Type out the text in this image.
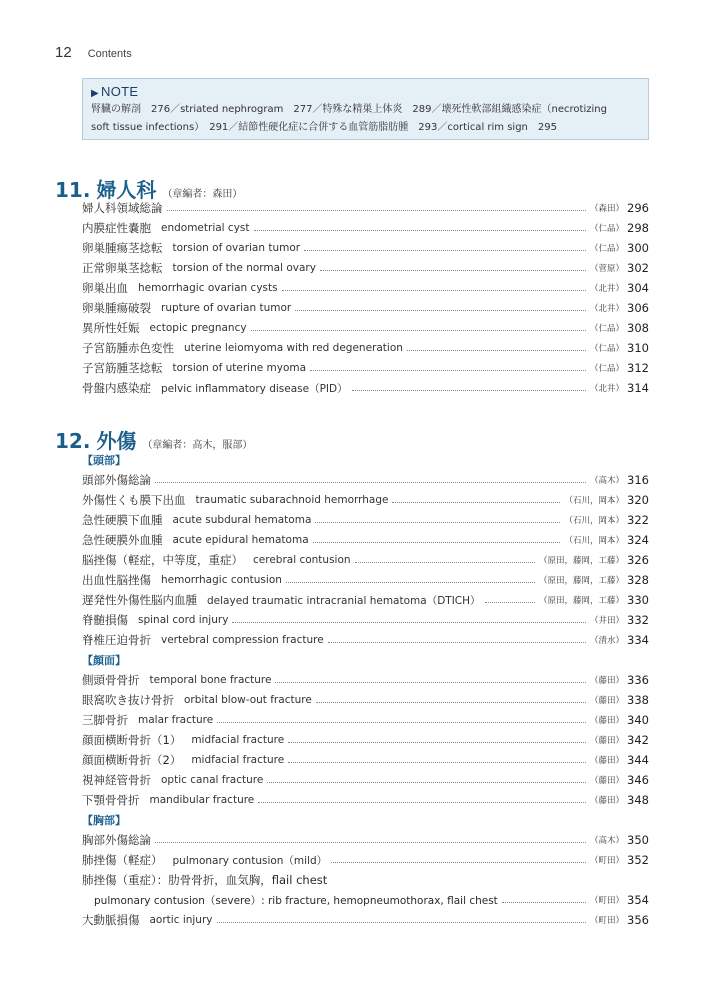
12 Contents
▶ NOTE
腎臓の解剖　276／striated nephrogram　277／特殊な精巣上体炎　289／壊死性軟部組織感染症（necrotizing
soft tissue infections）　291／結節性硬化症に合併する血管筋脂肪腫　293／cortical rim sign　295
11. 婦人科 （章編者：森田）
婦人科領域総論	（森田） 296
内膜症性嚢胞 endometrial cyst	（仁品） 298
卵巣腫瘍茎捻転 torsion of ovarian tumor	（仁品） 300
正常卵巣茎捻転 torsion of the normal ovary	（菅原） 302
卵巣出血 hemorrhagic ovarian cysts	（北井） 304
卵巣腫瘍破裂 rupture of ovarian tumor	（北井） 306
異所性妊娠 ectopic pregnancy	（仁品） 308
子宮筋腫赤色変性 uterine leiomyoma with red degeneration	（仁品） 310
子宮筋腫茎捻転 torsion of uterine myoma	（仁品） 312
骨盤内感染症 pelvic inflammatory disease（PID）	（北井） 314
12. 外傷 （章編者：高木，服部）
【頭部】
頭部外傷総論	（高木） 316
外傷性くも膜下出血 traumatic subarachnoid hemorrhage	（石川，岡本） 320
急性硬膜下血腫 acute subdural hematoma	（石川，岡本） 322
急性硬膜外血腫 acute epidural hematoma	（石川，岡本） 324
脳挫傷（軽症，中等度，重症） cerebral contusion	（原田，藤岡，工藤） 326
出血性脳挫傷 hemorrhagic contusion	（原田，藤岡，工藤） 328
遅発性外傷性脳内血腫 delayed traumatic intracranial hematoma（DTICH）	（原田，藤岡，工藤） 330
脊髄損傷 spinal cord injury	（井田） 332
脊椎圧迫骨折 vertebral compression fracture	（清水） 334
【顔面】
側頭骨骨折 temporal bone fracture	（藤田） 336
眼窩吹き抜け骨折 orbital blow-out fracture	（藤田） 338
三脚骨折 malar fracture	（藤田） 340
顔面横断骨折（1） midfacial fracture	（藤田） 342
顔面横断骨折（2） midfacial fracture	（藤田） 344
視神経管骨折 optic canal fracture	（藤田） 346
下顎骨骨折 mandibular fracture	（藤田） 348
【胸部】
胸部外傷総論	（高木） 350
肺挫傷（軽症） pulmonary contusion（mild）	（町田） 352
肺挫傷（重症）：肋骨骨折，血気胸，flail chest
pulmonary contusion（severe）: rib fracture, hemopneumothorax, flail chest	（町田） 354
大動脈損傷 aortic injury	（町田） 356
